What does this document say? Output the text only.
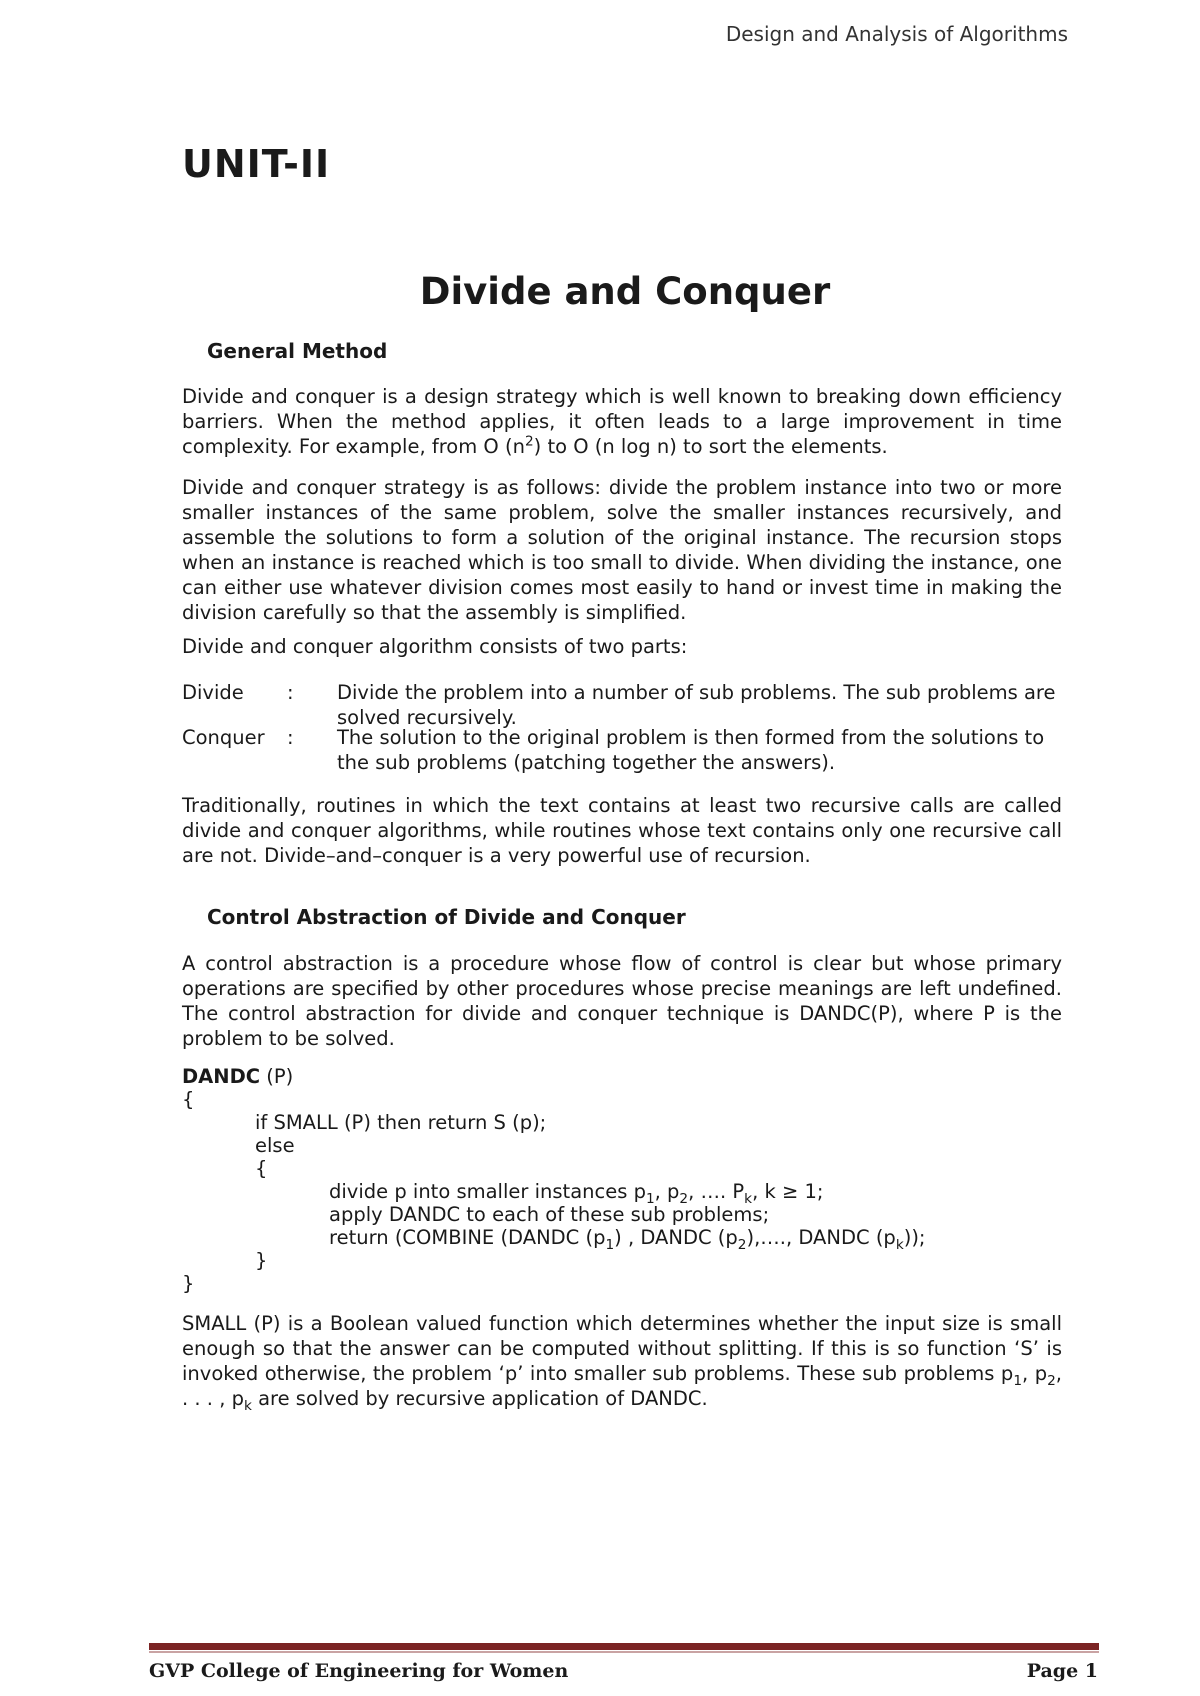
Design and Analysis of Algorithms
UNIT-II
Divide and Conquer
General Method

Divide and conquer is a design strategy which is well known to breaking down efficiency barriers. When the method applies, it often leads to a large improvement in time complexity. For example, from O $(n^2)$ to O (n log n) to sort the elements.

Divide and conquer strategy is as follows: divide the problem instance into two or more smaller instances of the same problem, solve the smaller instances recursively, and assemble the solutions to form a solution of the original instance. The recursion stops when an instance is reached which is too small to divide. When dividing the instance, one can either use whatever division comes most easily to hand or invest time in making the division carefully so that the assembly is simplified.

Divide and conquer algorithm consists of two parts:

Divide	: Divide the problem into a number of sub problems. The sub problems are solved recursively.
Conquer	: The solution to the original problem is then formed from the solutions to the sub problems (patching together the answers).

Traditionally, routines in which the text contains at least two recursive calls are called divide and conquer algorithms, while routines whose text contains only one recursive call are not. Divide–and–conquer is a very powerful use of recursion.

Control Abstraction of Divide and Conquer

A control abstraction is a procedure whose flow of control is clear but whose primary operations are specified by other procedures whose precise meanings are left undefined. The control abstraction for divide and conquer technique is DANDC(P), where P is the problem to be solved.

DANDC (P)
{
if SMALL (P) then return S (p);
else
{
divide p into smaller instances $p_1$, $p_2$, …. $P_k$, k ≥ 1;
apply DANDC to each of these sub problems;
return (COMBINE (DANDC $(p_1)$ , DANDC $(p_2),\dots$., DANDC $(p_k)$);
}
}

SMALL (P) is a Boolean valued function which determines whether the input size is small enough so that the answer can be computed without splitting. If this is so function ‘S’ is invoked otherwise, the problem ‘p’ into smaller sub problems. These sub problems $p_1$, $p_2$, . . . , $p_k$ are solved by recursive application of DANDC.

GVP College of Engineering for Women	Page 1
